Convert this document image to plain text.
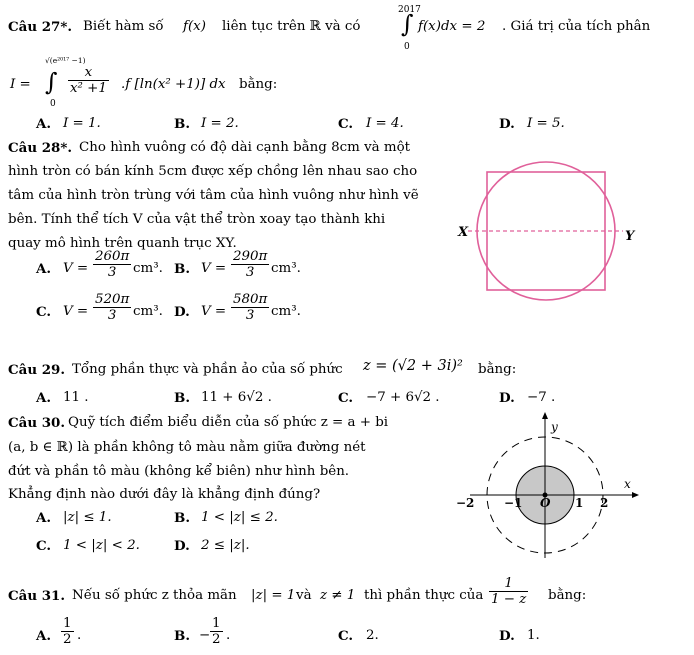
Câu 27*. Biết hàm số f(x) liên tục trên ℝ và có
2017
∫
0
f(x)dx = 2 . Giá trị của tích phân
I =
√(e²⁰¹⁷ −1)
∫
0
$\frac{x}{\text{x² +1}} .f$ [ln(x² +1)] dx bằng:
A. I = 1.	B. I = 2.	C. I = 4.	D. I = 5.
Câu 28*. Cho hình vuông có độ dài cạnh bằng 8cm và một
hình tròn có bán kính 5cm được xếp chồng lên nhau sao cho
tâm của hình tròn trùng với tâm của hình vuông như hình vẽ
bên. Tính thể tích V của vật thể tròn xoay tạo thành khi
quay mô hình trên quanh trục XY.
A. $V = \frac{260\pi}{3} cm^3$. B. $V = \frac{290\pi}{3} cm^3$.
C. $V = \frac{520\pi}{3} cm^3$. D. $V = \frac{580\pi}{3} cm^3$.
X	Y
Câu 29. Tổng phần thực và phần ảo của số phức z = (√2 + 3i)² bằng:
A. 11 .	B. 11 + 6√2 .	C. −7 + 6√2 .	D. −7 .
Câu 30. Quỹ tích điểm biểu diễn của số phức z = a + bi
(a, b ∈ ℝ) là phần không tô màu nằm giữa đường nét
đứt và phần tô màu (không kể biên) như hình bên.
Khẳng định nào dưới đây là khẳng định đúng?
A. |z| ≤ 1.	B. 1 < |z| ≤ 2.
C. 1 < |z| < 2.	D. 2 ≤ |z|.
y
x
O
−2 −1	1 2
Câu 31. Nếu số phức z thỏa mãn |z| = 1 và z ≠ 1 thì phần thực của $\frac{1}{1 - z}$ bằng:
A. $\frac{1}{2}$ .	B. − $\frac{1}{2}$ .	C. 2.	D. 1.
